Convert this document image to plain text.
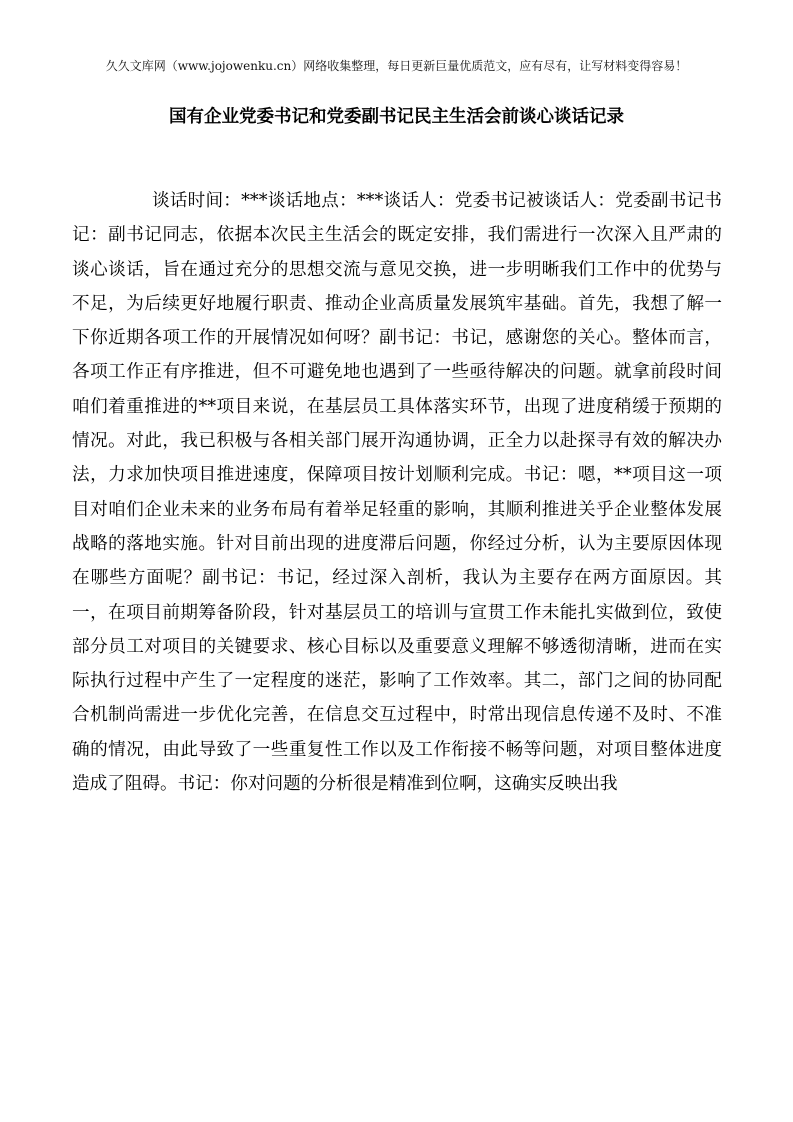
久久文库网（www.jojowenku.cn）网络收集整理，每日更新巨量优质范文，应有尽有，让写材料变得容易！
国有企业党委书记和党委副书记民主生活会前谈心谈话记录

谈话时间：***谈话地点：***谈话人：党委书记被谈话人：党委副书记书记：副书记同志，依据本次民主生活会的既定安排，我们需进行一次深入且严肃的谈心谈话，旨在通过充分的思想交流与意见交换，进一步明晰我们工作中的优势与不足，为后续更好地履行职责、推动企业高质量发展筑牢基础。首先，我想了解一下你近期各项工作的开展情况如何呀？副书记：书记，感谢您的关心。整体而言，各项工作正有序推进，但不可避免地也遇到了一些亟待解决的问题。就拿前段时间咱们着重推进的**项目来说，在基层员工具体落实环节，出现了进度稍缓于预期的情况。对此，我已积极与各相关部门展开沟通协调，正全力以赴探寻有效的解决办法，力求加快项目推进速度，保障项目按计划顺利完成。书记：嗯，**项目这一项目对咱们企业未来的业务布局有着举足轻重的影响，其顺利推进关乎企业整体发展战略的落地实施。针对目前出现的进度滞后问题，你经过分析，认为主要原因体现在哪些方面呢？副书记：书记，经过深入剖析，我认为主要存在两方面原因。其一，在项目前期筹备阶段，针对基层员工的培训与宣贯工作未能扎实做到位，致使部分员工对项目的关键要求、核心目标以及重要意义理解不够透彻清晰，进而在实际执行过程中产生了一定程度的迷茫，影响了工作效率。其二，部门之间的协同配合机制尚需进一步优化完善，在信息交互过程中，时常出现信息传递不及时、不准确的情况，由此导致了一些重复性工作以及工作衔接不畅等问题，对项目整体进度造成了阻碍。书记：你对问题的分析很是精准到位啊，这确实反映出我
